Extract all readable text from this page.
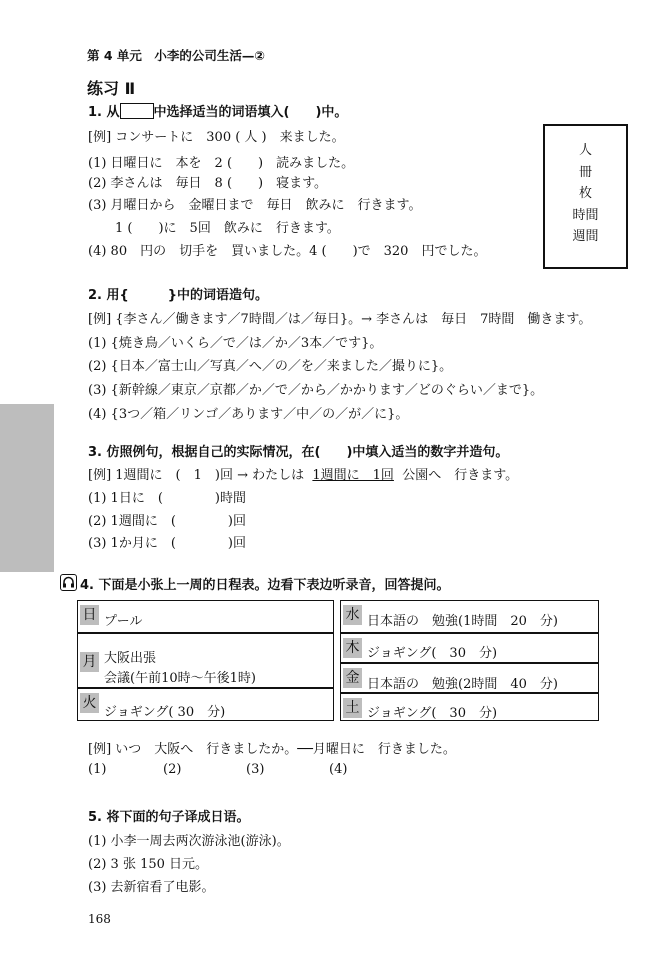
第 4 单元　小李的公司生活—②
练习 Ⅱ
1. 从	中选择适当的词语填入(　　)中。
[例] コンサートに　300 ( 人 )　来ました。
(1) 日曜日に　本を　2 (　　)　読みました。
(2) 李さんは　毎日　8 (　　)　寝ます。
(3) 月曜日から　金曜日まで　毎日　飲みに　行きます。
1 (　　)に　5回　飲みに　行きます。
(4) 80　円の　切手を　買いました。4 (　　)で　320　円でした。
人
冊
枚
時間
週間
2. 用{　　　}中的词语造句。
[例] {李さん／働きます／7時間／は／毎日}。→ 李さんは　毎日　7時間　働きます。
(1) {焼き鳥／いくら／で／は／か／3本／です}。
(2) {日本／富士山／写真／へ／の／を／来ました／撮りに}。
(3) {新幹線／東京／京都／か／で／から／かかります／どのぐらい／まで}。
(4) {3つ／箱／リンゴ／あります／中／の／が／に}。
3. 仿照例句，根据自己的实际情况，在(　　)中填入适当的数字并造句。
[例] 1週間に　(　1　)回 → わたしは 1週間に　1回 公園へ　行きます。
(1) 1日に　(　　　　)時間
(2) 1週間に　(　　　　)回
(3) 1か月に　(　　　　)回
4. 下面是小张上一周的日程表。边看下表边听录音，回答提问。
日 プール
月 大阪出張
会議(午前10時～午後1時)
火
ジョギング( 30　分)
水 日本語の　勉強(1時間　20　分)
木 ジョギング(　30　分)
金 日本語の　勉強(2時間　40　分)
土 ジョギング(　30　分)
[例] いつ　大阪へ　行きましたか。──月曜日に　行きました。
(1)	(2)	(3)	(4)
5. 将下面的句子译成日语。
(1) 小李一周去两次游泳池(游泳)。
(2) 3 张 150 日元。
(3) 去新宿看了电影。
168
